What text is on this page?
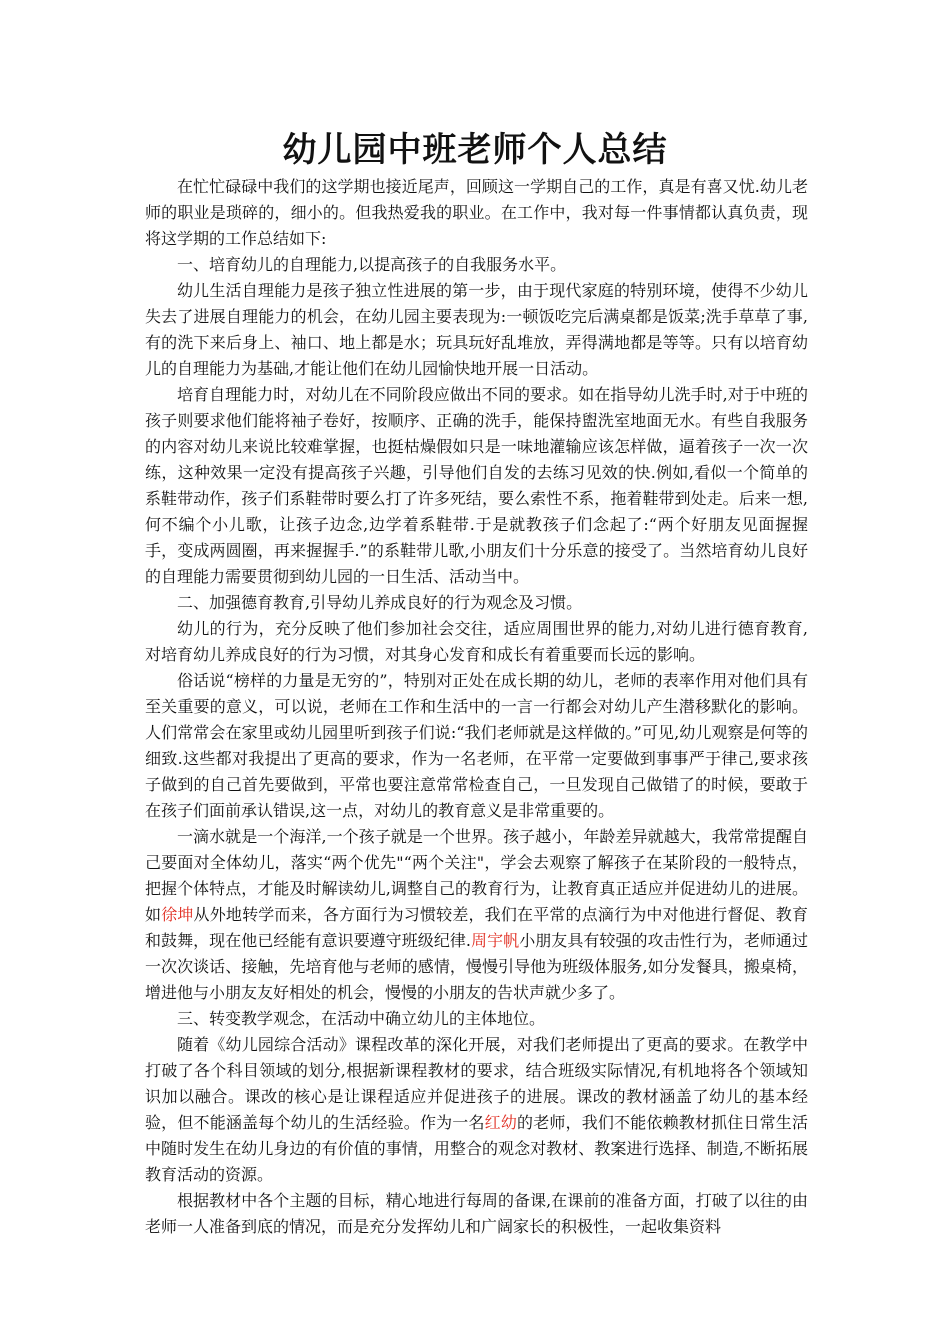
幼儿园中班老师个人总结

在忙忙碌碌中我们的这学期也接近尾声，回顾这一学期自己的工作，真是有喜又忧.幼儿老师的职业是琐碎的，细小的。但我热爱我的职业。在工作中，我对每一件事情都认真负责，现将这学期的工作总结如下:

一、培育幼儿的自理能力,以提高孩子的自我服务水平。

幼儿生活自理能力是孩子独立性进展的第一步，由于现代家庭的特别环境，使得不少幼儿失去了进展自理能力的机会，在幼儿园主要表现为:一顿饭吃完后满桌都是饭菜;洗手草草了事,有的洗下来后身上、袖口、地上都是水；玩具玩好乱堆放，弄得满地都是等等。只有以培育幼儿的自理能力为基础,才能让他们在幼儿园愉快地开展一日活动。

培育自理能力时，对幼儿在不同阶段应做出不同的要求。如在指导幼儿洗手时,对于中班的孩子则要求他们能将袖子卷好，按顺序、正确的洗手，能保持盥洗室地面无水。有些自我服务的内容对幼儿来说比较难掌握，也挺枯燥假如只是一味地灌输应该怎样做，逼着孩子一次一次练，这种效果一定没有提高孩子兴趣，引导他们自发的去练习见效的快.例如,看似一个简单的系鞋带动作，孩子们系鞋带时要么打了许多死结，要么索性不系，拖着鞋带到处走。后来一想,何不编个小儿歌，让孩子边念,边学着系鞋带.于是就教孩子们念起了:“两个好朋友见面握握手，变成两圆圈，再来握握手.”的系鞋带儿歌,小朋友们十分乐意的接受了。当然培育幼儿良好的自理能力需要贯彻到幼儿园的一日生活、活动当中。

二、加强德育教育,引导幼儿养成良好的行为观念及习惯。

幼儿的行为，充分反映了他们参加社会交往，适应周围世界的能力,对幼儿进行德育教育,对培育幼儿养成良好的行为习惯，对其身心发育和成长有着重要而长远的影响。

俗话说“榜样的力量是无穷的”，特别对正处在成长期的幼儿，老师的表率作用对他们具有至关重要的意义，可以说，老师在工作和生活中的一言一行都会对幼儿产生潜移默化的影响。人们常常会在家里或幼儿园里听到孩子们说:“我们老师就是这样做的。”可见,幼儿观察是何等的细致.这些都对我提出了更高的要求，作为一名老师，在平常一定要做到事事严于律己,要求孩子做到的自己首先要做到，平常也要注意常常检查自己，一旦发现自己做错了的时候，要敢于在孩子们面前承认错误,这一点，对幼儿的教育意义是非常重要的。

一滴水就是一个海洋,一个孩子就是一个世界。孩子越小，年龄差异就越大，我常常提醒自己要面对全体幼儿，落实“两个优先"“两个关注"，学会去观察了解孩子在某阶段的一般特点，把握个体特点，才能及时解读幼儿,调整自己的教育行为，让教育真正适应并促进幼儿的进展。如徐坤从外地转学而来，各方面行为习惯较差，我们在平常的点滴行为中对他进行督促、教育和鼓舞，现在他已经能有意识要遵守班级纪律.周宇帆小朋友具有较强的攻击性行为，老师通过一次次谈话、接触，先培育他与老师的感情，慢慢引导他为班级体服务,如分发餐具，搬桌椅，增进他与小朋友友好相处的机会，慢慢的小朋友的告状声就少多了。

三、转变教学观念，在活动中确立幼儿的主体地位。

随着《幼儿园综合活动》课程改革的深化开展，对我们老师提出了更高的要求。在教学中打破了各个科目领域的划分,根据新课程教材的要求，结合班级实际情况,有机地将各个领域知识加以融合。课改的核心是让课程适应并促进孩子的进展。课改的教材涵盖了幼儿的基本经验，但不能涵盖每个幼儿的生活经验。作为一名红幼的老师，我们不能依赖教材抓住日常生活中随时发生在幼儿身边的有价值的事情，用整合的观念对教材、教案进行选择、制造,不断拓展教育活动的资源。

根据教材中各个主题的目标，精心地进行每周的备课,在课前的准备方面，打破了以往的由老师一人准备到底的情况，而是充分发挥幼儿和广阔家长的积极性，一起收集资料
